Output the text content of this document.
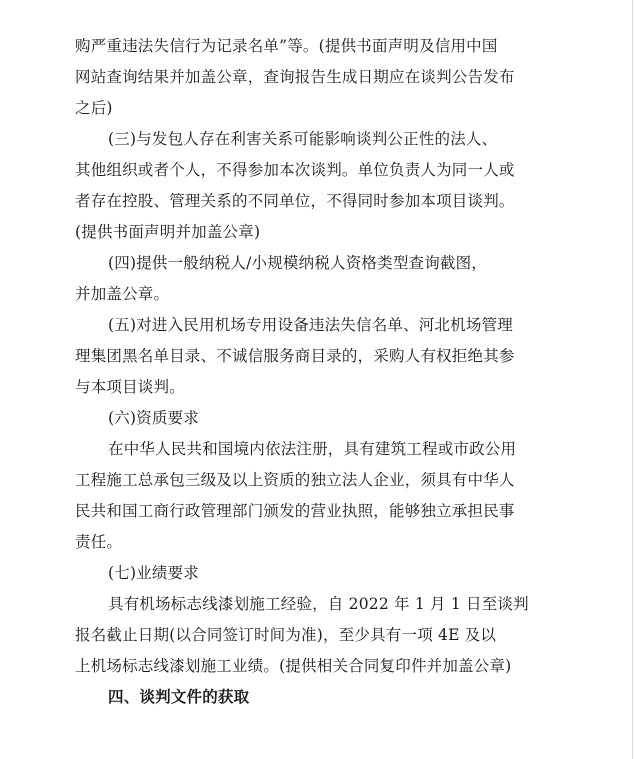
购严重违法失信行为记录名单”等。(提供书面声明及信用中国
网站查询结果并加盖公章，查询报告生成日期应在谈判公告发布
之后)
(三)与发包人存在利害关系可能影响谈判公正性的法人、
其他组织或者个人，不得参加本次谈判。单位负责人为同一人或
者存在控股、管理关系的不同单位，不得同时参加本项目谈判。
(提供书面声明并加盖公章)
(四)提供一般纳税人/小规模纳税人资格类型查询截图，
并加盖公章。
(五)对进入民用机场专用设备违法失信名单、河北机场管理
理集团黑名单目录、不诚信服务商目录的，采购人有权拒绝其参
与本项目谈判。
(六)资质要求
在中华人民共和国境内依法注册，具有建筑工程或市政公用
工程施工总承包三级及以上资质的独立法人企业，须具有中华人
民共和国工商行政管理部门颁发的营业执照，能够独立承担民事
责任。
(七)业绩要求
具有机场标志线漆划施工经验，自 2022 年 1 月 1 日至谈判
报名截止日期(以合同签订时间为准)，至少具有一项 4E 及以
上机场标志线漆划施工业绩。(提供相关合同复印件并加盖公章)
四、谈判文件的获取
